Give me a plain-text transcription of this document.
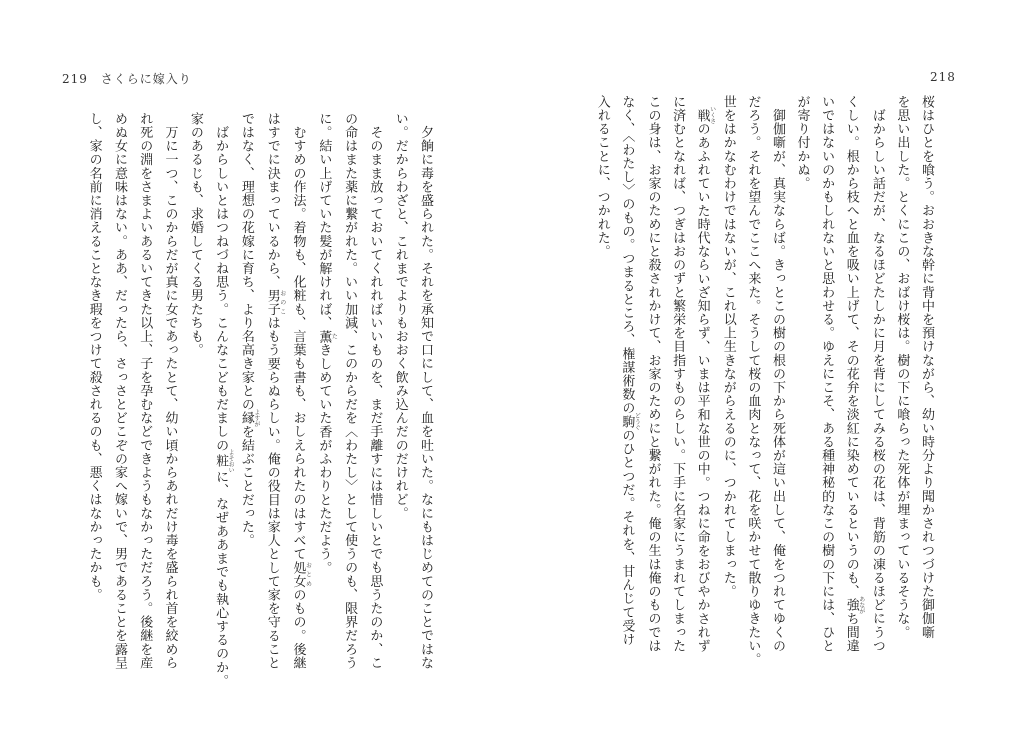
219 さくらに嫁入り	218
桜はひとを喰う。おおきな幹に背中を預けながら、幼い時分より聞かされつづけた御伽噺
を思い出した。とくにこの、おばけ桜は。樹の下に喰らった死体が埋まっているそうな。
　ばからしい話だが、なるほどたしかに月を背にしてみる桜の花は、背筋の凍るほどにうつ
くしい。根から枝へと血を吸い上げて、その花弁を淡紅に染めているというのも、強 あながち間違
いではないのかもしれないと思わせる。ゆえにこそ、ある種神秘的なこの樹の下には、ひと
が寄り付かぬ。
　御伽噺が、真実ならば。きっとこの樹の根の下から死体が這い出して、俺をつれてゆくの
だろう。それを望んでここへ来た。そうして桜の血肉となって、花を咲かせて散りゆきたい。
世をはかなむわけではないが、これ以上生きながらえるのに、つかれてしまった。
　戦 いくさのあふれていた時代ならいざ知らず、いまは平和な世の中。つねに命をおびやかされず
に済むとなれば、つぎはおのずと繁栄を目指すものらしい。下手に名家にうまれてしまった
この身は、お家のためにと殺されかけて、お家のためにと繋がれた。俺の生は俺のものでは
なく、〈わたし〉のもの。つまるところ、権謀術数の駒 どうぐのひとつだ。それを、甘んじて受け
入れることに、つかれた。
　夕餉に毒を盛られた。それを承知で口にして、血を吐いた。なにもはじめてのことではな
い。だからわざと、これまでよりもおおく飲み込んだのだけれど。
　そのまま放っておいてくれればいいものを、まだ手離すには惜しいとでも思うたのか、こ
の命はまた薬に繋がれた。いい加減、このからだを〈わたし〉として使うのも、限界だろう
に。結い上げていた髪が解ければ、薫 たきしめていた香がふわりとただよう。
　むすめの作法。着物も、化粧も、言葉も書も、おしえられたのはすべて処女 おとめのもの。後継
はすでに決まっているから、男子 おのこはもう要らぬらしい。俺の役目は家人として家を守ること
ではなく、理想の花嫁に育ち、より名高き家との縁 よすがを結ぶことだった。
　ばからしいとはつねづね思う。こんなこどもだましの粧 よそおいに、なぜああまでも執心するのか。
家のあるじも、求婚してくる男たちも。
　万に一つ、このからだが真に女であったとて、幼い頃からあれだけ毒を盛られ首を絞めら
れ死の淵をさまよいあるいてきた以上、子を孕むなどできようもなかっただろう。後継を産
めぬ女に意味はない。ああ、だったら、さっさとどこぞの家へ嫁いで、男であることを露呈
し、家の名前に消えることなき瑕をつけて殺されるのも、悪くはなかったかも。
